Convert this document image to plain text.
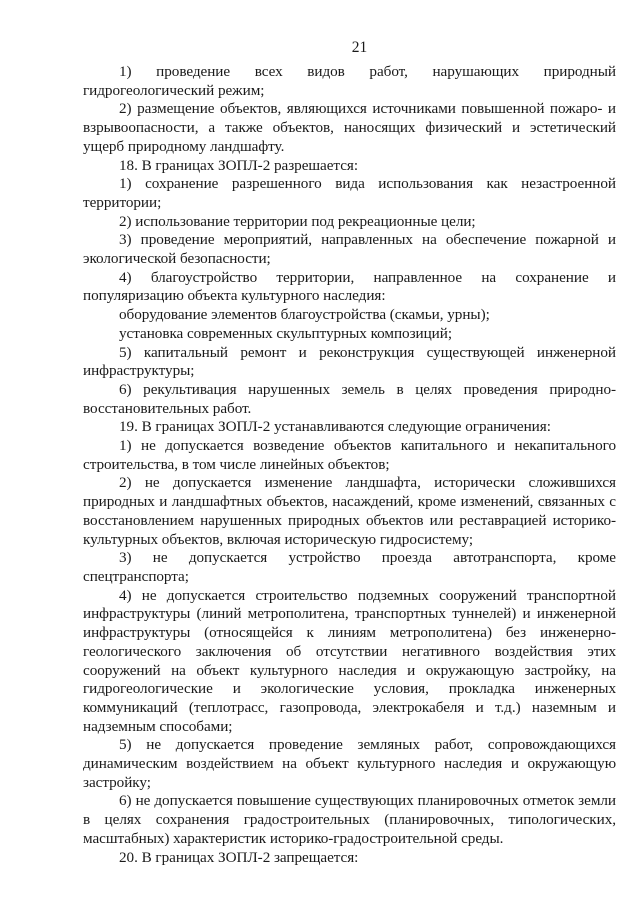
21

1) проведение всех видов работ, нарушающих природный гидрогеологический режим;

2) размещение объектов, являющихся источниками повышенной пожаро- и взрывоопасности, а также объектов, наносящих физический и эстетический ущерб природному ландшафту.

18. В границах ЗОПЛ-2 разрешается:

1) сохранение разрешенного вида использования как незастроенной территории;

2) использование территории под рекреационные цели;

3) проведение мероприятий, направленных на обеспечение пожарной и экологической безопасности;

4) благоустройство территории, направленное на сохранение и популяризацию объекта культурного наследия:

оборудование элементов благоустройства (скамьи, урны);

установка современных скульптурных композиций;

5) капитальный ремонт и реконструкция существующей инженерной инфраструктуры;

6) рекультивация нарушенных земель в целях проведения природно-восстановительных работ.

19. В границах ЗОПЛ-2 устанавливаются следующие ограничения:

1) не допускается возведение объектов капитального и некапитального строительства, в том числе линейных объектов;

2) не допускается изменение ландшафта, исторически сложившихся природных и ландшафтных объектов, насаждений, кроме изменений, связанных с восстановлением нарушенных природных объектов или реставрацией историко-культурных объектов, включая историческую гидросистему;

3) не допускается устройство проезда автотранспорта, кроме спецтранспорта;

4) не допускается строительство подземных сооружений транспортной инфраструктуры (линий метрополитена, транспортных туннелей) и инженерной инфраструктуры (относящейся к линиям метрополитена) без инженерно-геологического заключения об отсутствии негативного воздействия этих сооружений на объект культурного наследия и окружающую застройку, на гидрогеологические и экологические условия, прокладка инженерных коммуникаций (теплотрасс, газопровода, электрокабеля и т.д.) наземным и надземным способами;

5) не допускается проведение земляных работ, сопровождающихся динамическим воздействием на объект культурного наследия и окружающую застройку;

6) не допускается повышение существующих планировочных отметок земли в целях сохранения градостроительных (планировочных, типологических, масштабных) характеристик историко-градостроительной среды.

20. В границах ЗОПЛ-2 запрещается:
